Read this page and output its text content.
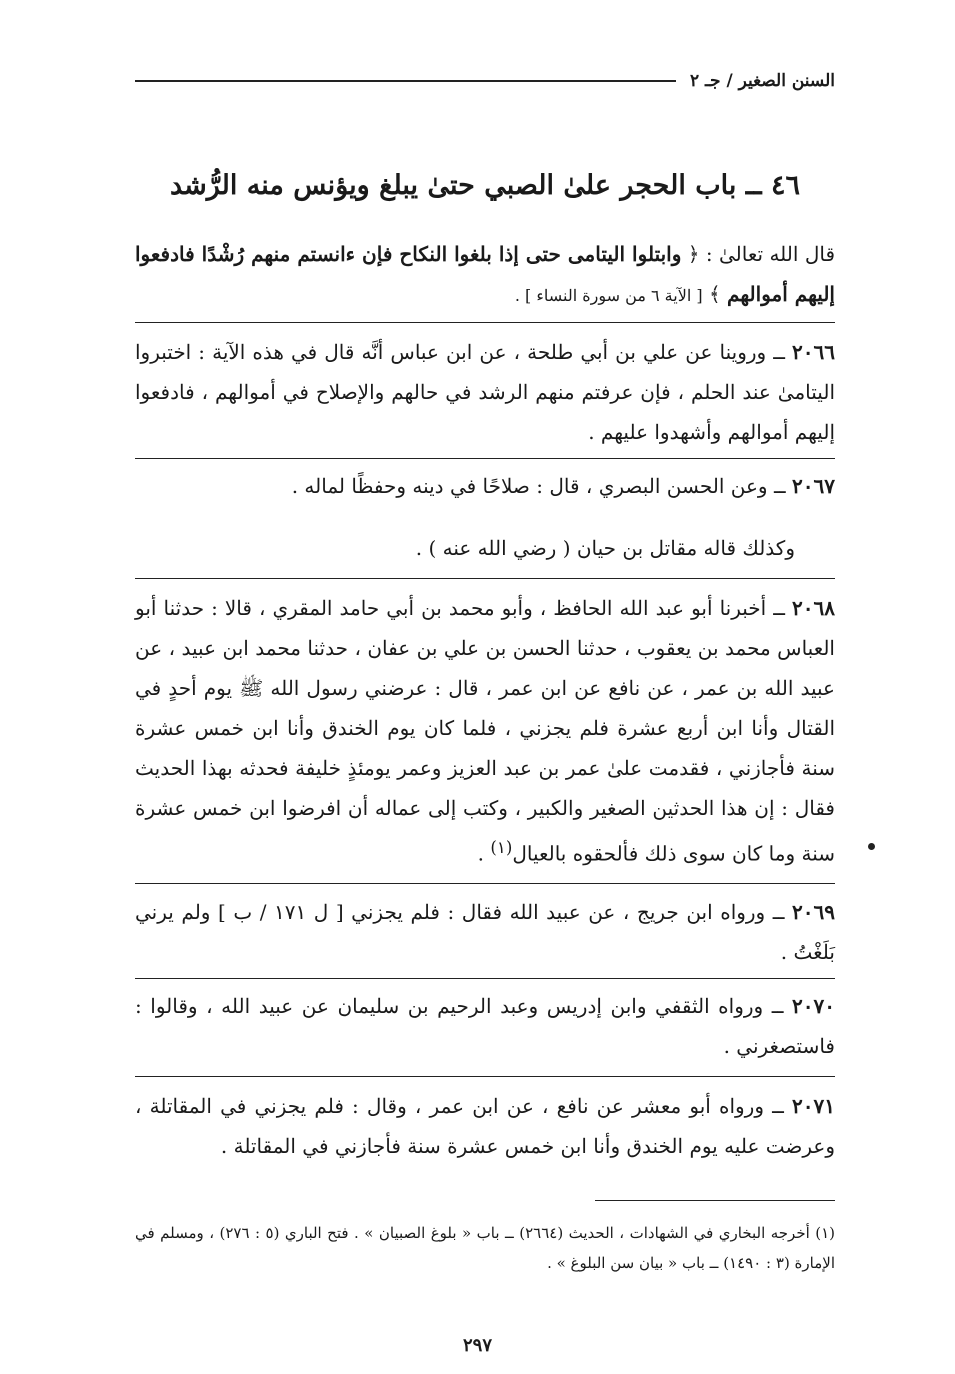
السنن الصغير / جـ ٢
٤٦ ــ باب الحجر علىٰ الصبي حتىٰ يبلغ ويؤنس منه الرُّشد
قال الله تعالىٰ : ﴿ وابتلوا اليتامى حتى إذا بلغوا النكاح فإن ءانستم منهم رُشْدًا فادفعوا إليهم أموالهم ﴾ [ الآية ٦ من سورة النساء ] .
٢٠٦٦ ــ وروينا عن علي بن أبي طلحة ، عن ابن عباس أنَّه قال في هذه الآية : اختبروا اليتامىٰ عند الحلم ، فإن عرفتم منهم الرشد في حالهم والإصلاح في أموالهم ، فادفعوا إليهم أموالهم وأشهدوا عليهم .
٢٠٦٧ ــ وعن الحسن البصري ، قال : صلاحًا في دينه وحفظًا لماله .
وكذلك قاله مقاتل بن حيان ( رضي الله عنه ) .
٢٠٦٨ ــ أخبرنا أبو عبد الله الحافظ ، وأبو محمد بن أبي حامد المقري ، قالا : حدثنا أبو العباس محمد بن يعقوب ، حدثنا الحسن بن علي بن عفان ، حدثنا محمد ابن عبيد ، عن عبيد الله بن عمر ، عن نافع عن ابن عمر ، قال : عرضني رسول الله ﷺ يوم أحدٍ في القتال وأنا ابن أربع عشرة فلم يجزني ، فلما كان يوم الخندق وأنا ابن خمس عشرة سنة فأجازني ، فقدمت علىٰ عمر بن عبد العزيز وعمر يومئذٍ خليفة فحدثه بهذا الحديث فقال : إن هذا الحدثين الصغير والكبير ، وكتب إلى عماله أن افرضوا ابن خمس عشرة سنة وما كان سوى ذلك فألحقوه بالعيال$^{(١)}$ .
٢٠٦٩ ــ ورواه ابن جريج ، عن عبيد الله فقال : فلم يجزني [ ل ١٧١ / ب ] ولم يرني بَلَغْتُ .
٢٠٧٠ ــ ورواه الثقفي وابن إدريس وعبد الرحيم بن سليمان عن عبيد الله ، وقالوا : فاستصغرني .
٢٠٧١ ــ ورواه أبو معشر عن نافع ، عن ابن عمر ، وقال : فلم يجزني في المقاتلة ، وعرضت عليه يوم الخندق وأنا ابن خمس عشرة سنة فأجازني في المقاتلة .
(١) أخرجه البخاري في الشهادات ، الحديث (٢٦٦٤) ــ باب « بلوغ الصبيان » . فتح الباري (٥ : ٢٧٦) ، ومسلم في الإمارة (٣ : ١٤٩٠) ــ باب « بيان سن البلوغ » .
٢٩٧
